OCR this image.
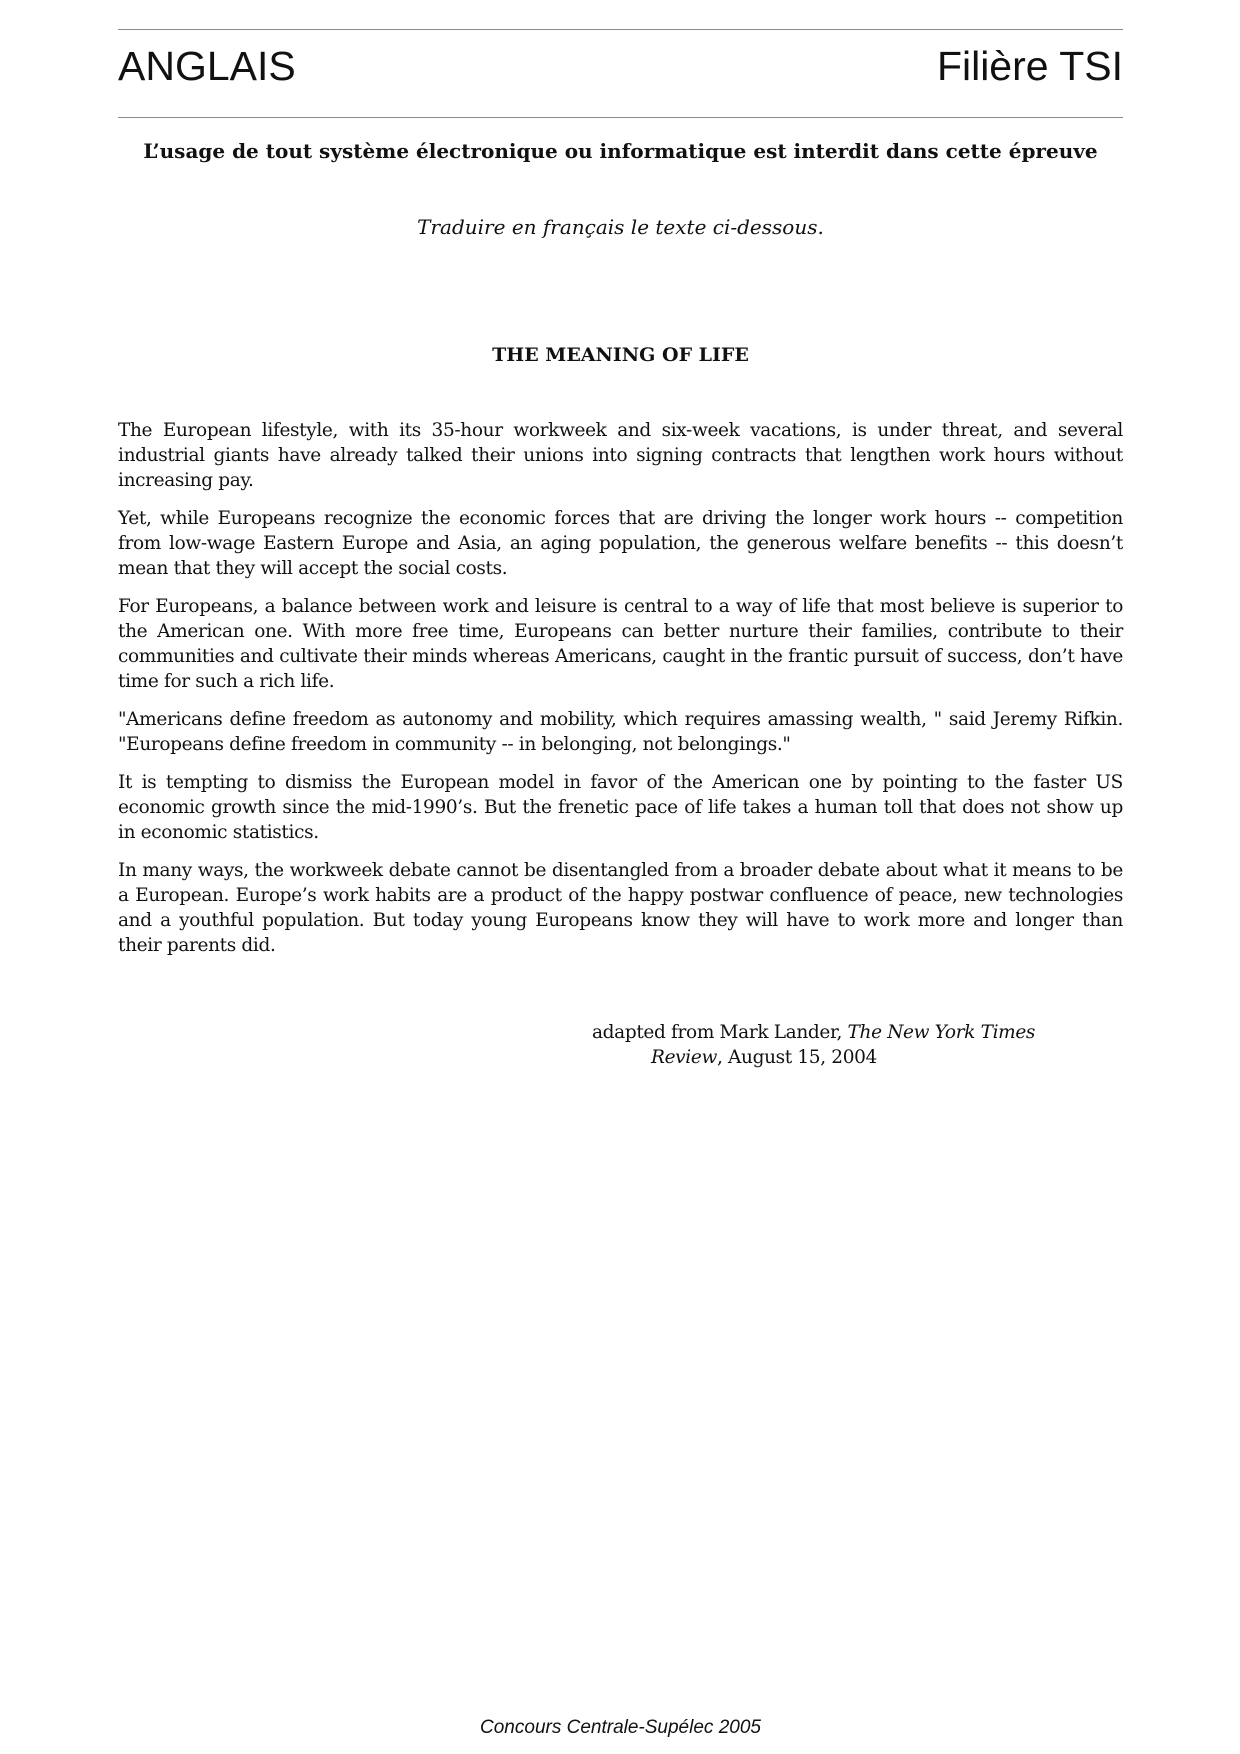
ANGLAIS	Filière TSI
L’usage de tout système électronique ou informatique est interdit dans cette épreuve
Traduire en français le texte ci-dessous.
THE MEANING OF LIFE

The European lifestyle, with its 35-hour workweek and six-week vacations, is under threat, and several industrial giants have already talked their unions into signing contracts that lengthen work hours without increasing pay.

Yet, while Europeans recognize the economic forces that are driving the longer work hours -- competition from low-wage Eastern Europe and Asia, an aging population, the generous welfare benefits -- this doesn’t mean that they will accept the social costs.

For Europeans, a balance between work and leisure is central to a way of life that most believe is superior to the American one. With more free time, Europeans can better nurture their families, contribute to their communities and cultivate their minds whereas Americans, caught in the frantic pursuit of success, don’t have time for such a rich life.

"Americans define freedom as autonomy and mobility, which requires amassing wealth, " said Jeremy Rifkin. "Europeans define freedom in community -- in belonging, not belongings."

It is tempting to dismiss the European model in favor of the American one by pointing to the faster US economic growth since the mid-1990’s. But the frenetic pace of life takes a human toll that does not show up in economic statistics.

In many ways, the workweek debate cannot be disentangled from a broader debate about what it means to be a European. Europe’s work habits are a product of the happy postwar confluence of peace, new technologies and a youthful population. But today young Europeans know they will have to work more and longer than their parents did.

adapted from Mark Lander, The New York Times
Review, August 15, 2004
Concours Centrale-Supélec 2005
